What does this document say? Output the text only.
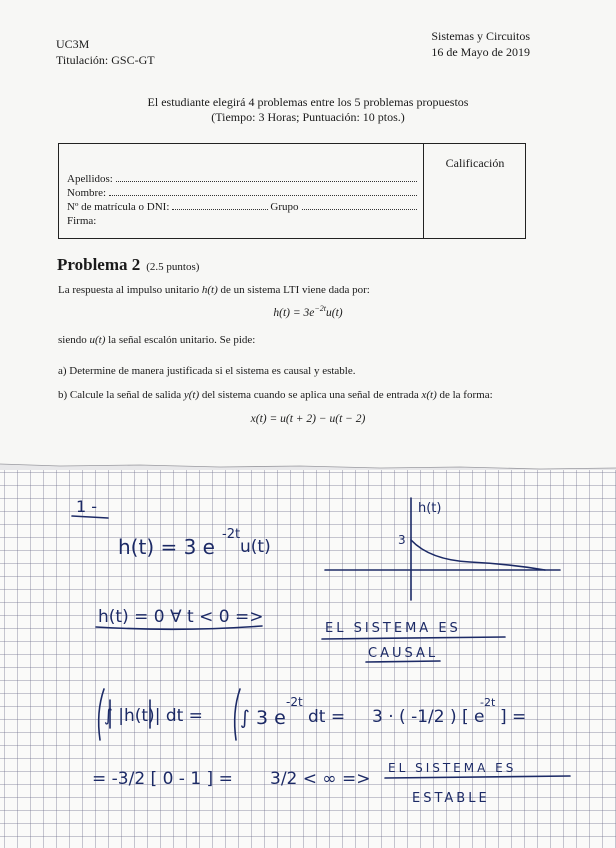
UC3M
Titulación: GSC-GT
Sistemas y Circuitos
16 de Mayo de 2019
El estudiante elegirá 4 problemas entre los 5 problemas propuestos
(Tiempo: 3 Horas; Puntuación: 10 ptos.)
Calificación
Apellidos:
Nombre:
Nº de matrícula o DNI:	Grupo
Firma:
Problema 2 (2.5 puntos)
La respuesta al impulso unitario h(t) de un sistema LTI viene dada por:
$h(t) = 3e^{-2t}u(t)$
siendo u(t) la señal escalón unitario. Se pide:
a) Determine de manera justificada si el sistema es causal y estable.
b) Calcule la señal de salida y(t) del sistema cuando se aplica una señal de entrada x(t) de la forma:
x(t) = u(t + 2) − u(t − 2)
1 -
h(t) = 3 e
-2t
u(t)
h(t)
3
h(t) = 0 ∀ t < 0 =>
EL SISTEMA ES
CAUSAL
∫ |h(t)| dt = ∫ 3 e
-2t
dt = 3 · ( -1/2 ) [ e
-2t
] =
= -3/2 [ 0 - 1 ] = 3/2 < ∞ =>
EL SISTEMA ES
ESTABLE
